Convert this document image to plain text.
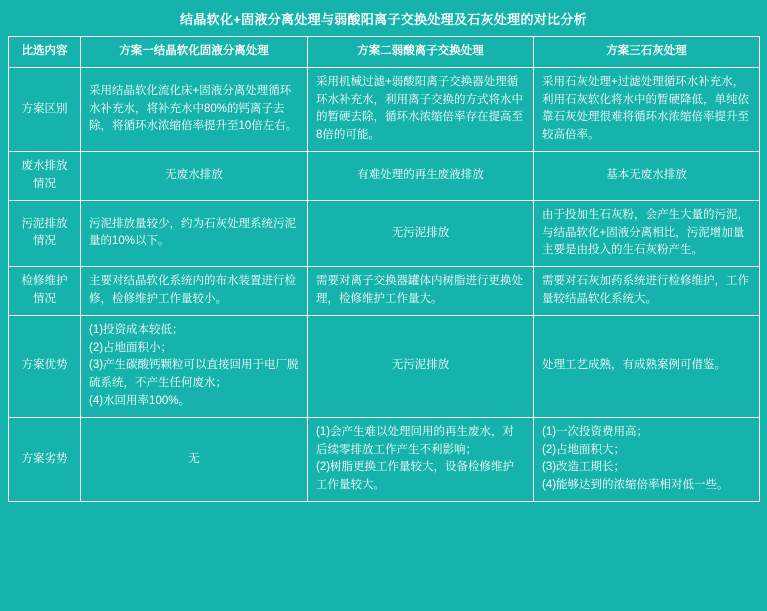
结晶软化+固液分离处理与弱酸阳离子交换处理及石灰处理的对比分析
比选内容	方案一结晶软化固液分离处理	方案二弱酸离子交换处理	方案三石灰处理
方案区别	采用结晶软化流化床+固液分离处理循环水补充水，将补充水中80%的钙离子去除，将循环水浓缩倍率提升至10倍左右。	采用机械过滤+弱酸阳离子交换器处理循环水补充水，利用离子交换的方式将水中的暂硬去除，循环水浓缩倍率存在提高至8倍的可能。	采用石灰处理+过滤处理循环水补充水，利用石灰软化将水中的暂硬降低，单纯依靠石灰处理很难将循环水浓缩倍率提升至较高倍率。
废水排放情况	无废水排放	有难处理的再生废液排放	基本无废水排放
污泥排放情况	污泥排放量较少，约为石灰处理系统污泥量的10%以下。	无污泥排放	由于投加生石灰粉，会产生大量的污泥，与结晶软化+固液分离相比，污泥增加量主要是由投入的生石灰粉产生。
检修维护情况	主要对结晶软化系统内的布水装置进行检修，检修维护工作量较小。	需要对离子交换器罐体内树脂进行更换处理，检修维护工作量大。	需要对石灰加药系统进行检修维护，工作量较结晶软化系统大。
方案优势	(1)投资成本较低；
(2)占地面积小；
(3)产生碳酸钙颗粒可以直接回用于电厂脱硫系统，不产生任何废水；
(4)水回用率100%。	无污泥排放	处理工艺成熟，有成熟案例可借鉴。
方案劣势	无	(1)会产生难以处理回用的再生废水，对后续零排放工作产生不利影响；
(2)树脂更换工作量较大，设备检修维护工作量较大。	(1)一次投资费用高；
(2)占地面积大；
(3)改造工期长；
(4)能够达到的浓缩倍率相对低一些。
